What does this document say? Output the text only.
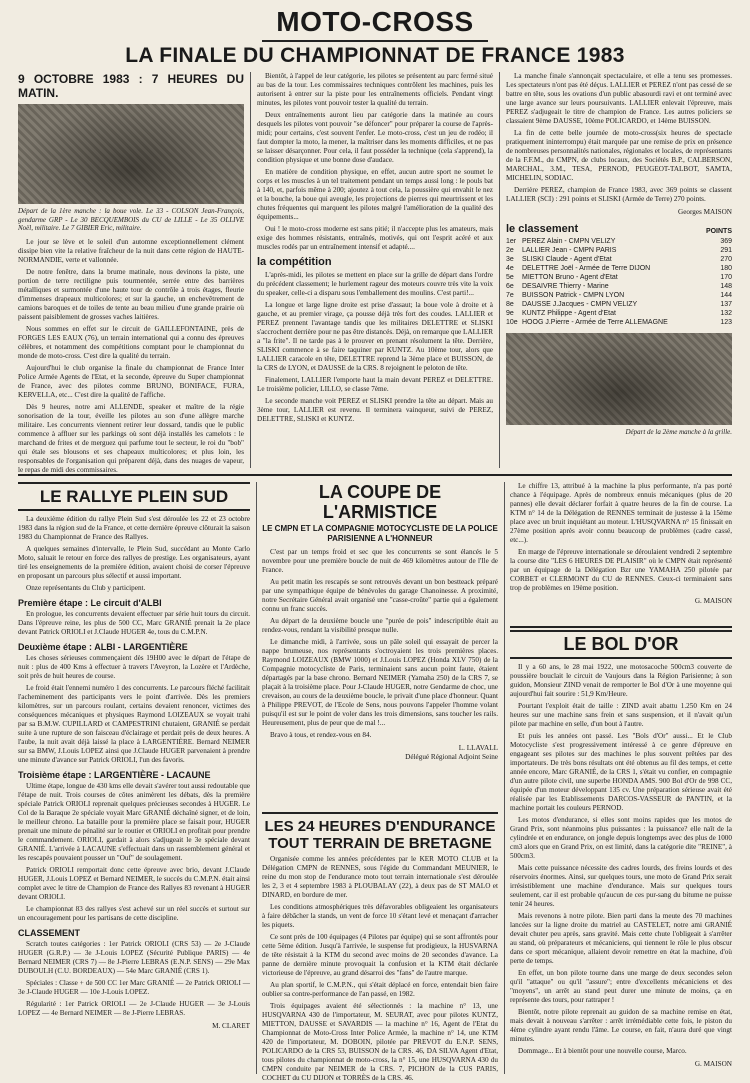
MOTO-CROSS
LA FINALE DU CHAMPIONNAT DE FRANCE 1983
9 OCTOBRE 1983 : 7 HEURES DU MATIN.
Départ de la 1ère manche : la boue vole. Le 33 - COLSON Jean-François, gendarme GRP - Le 30 BECQUEMBOIS du CU de LILLE - Le 35 OLLIVE Noël, militaire. Le 7 GIBIER Eric, militaire.

Le jour se lève et le soleil d'un automne exceptionnellement clément dissipe bien vite la relative fraîcheur de la nuit dans cette région de HAUTE-NORMANDIE, verte et vallonnée.

De notre fenêtre, dans la brume matinale, nous devinons la piste, une portion de terre rectiligne puis tourmentée, serrée entre des barrières métalliques et surmontée d'une haute tour de contrôle à trois étages, fleurie d'immenses drapeaux multicolores; et sur la gauche, un enchevêtrement de camions baroques et de toiles de tente au beau milieu d'une grande prairie où paissent paisiblement de grosses vaches laitières.

Nous sommes en effet sur le circuit de GAILLEFONTAINE, près de FORGES LES EAUX (76), un terrain international qui a connu des épreuves célèbres, et notamment des compétitions comptant pour le championnat du monde de moto-cross. C'est dire la qualité du terrain.

Aujourd'hui le club organise la finale du championnat de France Inter Police Armée Agents de l'Etat, et la seconde, épreuve du Super championnat de France, avec des pilotes comme BRUNO, BONIFACE, FURA, KERVELLA, etc... C'est dire la qualité de l'affiche.

Dès 9 heures, notre ami ALLENDE, speaker et maître de la régie sonorisation de la tour, éveille les pilotes au son d'une allègre marche militaire. Les concurrents viennent retirer leur dossard, tandis que le public commence à affluer sur les parkings où sont déjà installés les camelots : le marchand de frites et de merguez qui parfume tout le secteur, le roi du "bob" qui étale ses blousons et ses chapeaux multicolores; et plus loin, les responsables de l'organisation qui préparent déjà, dans des nuages de vapeur, le repas de midi des commissaires.

Bientôt, à l'appel de leur catégorie, les pilotes se présentent au parc fermé situé au bas de la tour. Les commissaires techniques contrôlent les machines, puis les autorisent à entrer sur la piste pour les entraînements officiels. Pendant vingt minutes, les pilotes vont pouvoir tester la qualité du terrain.

Deux entraînements auront lieu par catégorie dans la matinée au cours desquels les pilotes vont pouvoir "se défoncer" pour préparer la course de l'après-midi; pour certains, c'est souvent l'enfer. Le moto-cross, c'est un jeu de rodéo; il faut dompter la moto, la mener, la maîtriser dans les moments difficiles, et ne pas se laisser désarçonner. Pour cela, il faut posséder la technique (cela s'apprend), la condition physique et une bonne dose d'audace.

En matière de condition physique, en effet, aucun autre sport ne soumet le corps et les muscles à un tel traitement pendant un temps aussi long : le pouls bat à 140, et, parfois même à 200; ajoutez à tout cela, la poussière qui envahit le nez et la bouche, la boue qui aveugle, les projections de pierres qui meurtrissent et les chutes fréquentes qui marquent les pilotes malgré l'amélioration de la qualité des équipements...

Oui ! le moto-cross moderne est sans pitié; il n'accepte plus les amateurs, mais exige des hommes résistants, entraînés, motivés, qui ont l'esprit acéré et aux muscles rodés par un entraînement intensif et adapté....

la compétition

L'après-midi, les pilotes se mettent en place sur la grille de départ dans l'ordre du précédent classement; le hurlement rageur des moteurs couvre très vite la voix du speaker, celle-ci a disparu sous l'emballement des moulins. C'est parti!...

La longue et large ligne droite est prise d'assaut; la boue vole à droite et à gauche, et au premier virage, ça pousse déjà très fort des coudes. LALLIER et PEREZ prennent l'avantage tandis que les militaires DELETTRE et SLISKI s'accrochent derrière pour ne pas être distancés. Déjà, on remarque que LALLIER a "la frite". Il ne tarde pas à le prouver en prenant résolument la tête. Derrière, SLISKI commence à se faire taquiner par KUNTZ. Au 10ème tour, alors que LALLIER caracole en tête, DELETTRE reprend la 3ème place et BUISSON, de la CRS de LYON, et DAUSSE de la CRS. 8 rejoignent le peloton de tête.

Finalement, LALLIER l'emporte haut la main devant PEREZ et DELETTRE. Le troisième policier, LILLO, se classe 7ème.

Le seconde manche voit PEREZ et SLISKI prendre la tête au départ. Mais au 3ème tour, LALLIER est revenu. Il terminera vainqueur, suivi de PEREZ, DELETTRE, SLISKI et KUNTZ.

La manche finale s'annonçait spectaculaire, et elle a tenu ses promesses. Les spectateurs n'ont pas été déçus. LALLIER et PEREZ n'ont pas cessé de se battre en tête, sous les ovations d'un public abasourdi ravi et ont terminé avec une large avance sur leurs poursuivants. LALLIER enlevait l'épreuve, mais PEREZ s'adjugeait le titre de champion de France. Les autres policiers se classaient 9ème DAUSSE, 10ème POLICARDO, et 14ème BUISSON.

La fin de cette belle journée de moto-cross(six heures de spectacle pratiquement ininterrompu) était marquée par une remise de prix en présence de nombreuses personnalités nationales, régionales et locales, de représentants de la F.F.M., du CMPN, de clubs locaux, des Sociétés B.P., CALBERSON, MARCHAL, 3.M., TESA, PERNOD, PEUGEOT-TALBOT, SAMTA, MICHELIN, SODIAC.

Derrière PEREZ, champion de France 1983, avec 369 points se classent LALLIER (SCI) : 291 points et SLISKI (Armée de Terre) 270 points.

Georges MAISON
le classement	POINTS
1er PEREZ Alain - CMPN VELIZY	369
2e	LALLIER Jean - CMPN PARIS	291
3e	SLISKI Claude - Agent d'Etat	270
4e	DELETTRE Joël - Armée de Terre DIJON	180
5e	MIETTON Bruno - Agent d'Etat	170
6e	DESAIVRE Thierry - Marine	148
7e	BUISSON Patrick - CMPN LYON	144
8e	DAUSSE J.Jacques - CMPN VELIZY	137
9e	KUNTZ Philippe - Agent d'Etat	132
10e HOOG J.Pierre - Armée de Terre ALLEMAGNE	123
Départ de la 2ème manche à la grille.
LE RALLYE PLEIN SUD

La deuxième édition du rallye Plein Sud s'est déroulée les 22 et 23 octobre 1983 dans la région sud de la France, et cette dernière épreuve clôturait la saison 1983 du Championnat de France des Rallyes.

A quelques semaines d'intervalle, le Plein Sud, succédant au Monte Carlo Moto, saluait le retour en force des rallyes de prestige. Les organisateurs, ayant tiré les enseignements de la première édition, avaient choisi de corser l'épreuve en proposant un parcours plus sélectif et aussi important.

Onze représentants du Club y participent.

Première étape : Le circuit d'ALBI

En prologue, les concurrents devaient effectuer par série huit tours du circuit. Dans l'épreuve reine, les plus de 500 CC, Marc GRANIÉ prenait la 2e place devant Patrick ORIOLI et J.Claude HUGER 4e, tous du C.M.P.N.

Deuxième étape : ALBI - LARGENTIÈRE

Les choses sérieuses commençaient dès 19H00 avec le départ de l'étape de nuit : plus de 400 Kms à effectuer à travers l'Aveyron, la Lozère et l'Ardèche, soit près de huit heures de course.

Le froid était l'ennemi numéro 1 des concurrents. Le parcours fléché facilitait l'acheminement des participants vers le point d'arrivée. Dès les premiers kilomètres, sur un parcours roulant, certains devaient renoncer, victimes des conséquences mécaniques et physiques Raymond LOIZEAUX se voyait trahi par sa B.M.W. CUPILLARD et CAMPESTRINI chutaient, GRANIÉ se perdait suite à une rupture de son faisceau d'éclairage et perdait près de deux heures. A l'aube, la nuit avait déjà laissé la place à LARGENTIÈRE. Bernard NEIMER sur sa BMW, J.Louis LOPEZ ainsi que J.Claude HUGER parvenaient à prendre une minute d'avance sur Patrick ORIOLI, l'un des favoris.

Troisième étape : LARGENTIÈRE - LACAUNE

Ultime étape, longue de 430 kms elle devait s'avérer tout aussi redoutable que l'étape de nuit. Trois courses de côtes animèrent les débats, dès la première spéciale Patrick ORIOLI reprenait quelques précieuses secondes à HUGER. Le Col de la Baraque 2e spéciale voyait Marc GRANIÉ déchaîné signer, et de loin, le meilleur chrono. La bataille pour la première place se faisait pour, HUGER prenait une minute de pénalité sur le routier et ORIOLI en profitait pour prendre le commandement. ORIOLI, gardait à alors s'adjugeait le 3e spéciale devant GRANIÉ. L'arrivée à LACAUNE s'effectuait dans un rassemblement général et les rescapés pouvaient pousser un "Ouf" de soulagement.

Patrick ORIOLI remportait donc cette épreuve avec brio, devant J.Claude HUGER, J.Louis LOPEZ et Bernard NEIMER, le succès du C.M.P.N. était ainsi complet avec le titre de Champion de France des Rallyes 83 revenant à HUGER devant ORIOLI.

Le championnat 83 des rallyes s'est achevé sur un réel succès et surtout sur un encouragement pour les partisans de cette discipline.

CLASSEMENT

Scratch toutes catégories : 1er Patrick ORIOLI (CRS 53) — 2e J-Claude HUGER (G.R.P.) — 3e J-Louis LOPEZ (Sécurité Publique PARIS) — 4e Bernard NEIMER (CRS 7) — 8e J-Pierre LEBRAS (E.N.P. SENS) — 29e Max DUBOULH (C.U. BORDEAUX) — 54e Marc GRANIÉ (CRS 1).

Spéciales : Classe + de 500 CC 1er Marc GRANIÉ — 2e Patrick ORIOLI — 3e J-Claude HUGER — 10e J-Louis LOPEZ.

Régularité : 1er Patrick ORIOLI — 2e J-Claude HUGER — 3e J-Louis LOPEZ — 4e Bernard NEIMER — 8e J-Pierre LEBRAS.

M. CLARET
LA COUPE DE L'ARMISTICE
LE CMPN ET LA COMPAGNIE MOTOCYCLISTE DE LA POLICE PARISIENNE A L'HONNEUR

C'est par un temps froid et sec que les concurrents se sont élancés le 5 novembre pour une première boucle de nuit de 469 kilomètres autour de l'Ile de France.

Au petit matin les rescapés se sont retrouvés devant un bon bestteack préparé par une sympathique équipe de bénévoles du garage Chanoinesse. A proximité, notre Secrétaire Général avait organisé une "casse-croûte" partie qui a également connu un franc succès.

Au départ de la deuxième boucle une "purée de pois" indescriptible était au rendez-vous, rendant la visibilité presque nulle.

Le dimanche midi, à l'arrivée, sous un pâle soleil qui essayait de percer la nappe brumeuse, nos représentants s'octroyaient les trois premières places. Raymond LOIZEAUX (BMW 1000) et J.Louis LOPEZ (Honda XLV 750) de la Compagnie motocycliste de Paris, terminaient sans aucun point faute, étaient départagés par la base chrono. Bernard NEIMER (Yamaha 250) de la CRS 7, se plaçait à la troisième place. Pour J-Claude HUGER, notre Gendarme de choc, une crevaison, au cours de la deuxième boucle, le privait d'une place d'honneur. Quant à Philippe PREVOT, de l'Ecole de Sens, nous pouvons l'appeler l'homme volant puisqu'il est sur le point de voler dans les trois dimensions, sans toucher les rails. Heureusement, plus de peur que de mal !...

Bravo à tous, et rendez-vous en 84.

L. LLAVALL
Délégué Régional Adjoint Seine
LES 24 HEURES D'ENDURANCE TOUT TERRAIN DE BRETAGNE

Organisée comme les années précédentes par le KER MOTO CLUB et la Délégation CMPN de RENNES, sous l'égide du Commandant MEUNIER, le reine du mon stop de l'endurance moto tout terrain internationale s'est déroulée les 2, 3 et 4 septembre 1983 à PLOUBALAY (22), à deux pas de ST MALO et DINARD, en bordure de mer.

Les conditions atmosphériques très défavorables obligeaient les organisateurs à faire débâcher la stands, un vent de force 10 s'étant levé et menaçant d'arracher les piquets.

Ce sont près de 100 équipages (4 Pilotes par équipe) qui se sont affrontés pour cette 5ème édition. Jusqu'à l'arrivée, le suspense fut prodigieux, la HUSVARNA de tête résistait à la KTM du second avec moins de 20 secondes d'avance. La panne de dernière minute provoquait la confusion et la KTM était déclarée victorieuse de l'épreuve, au grand désarroi des "fans" de l'autre marque.

Au plan sportif, le C.M.P.N., qui s'était déplacé en force, entendait bien faire oublier sa contre-performance de l'an passé, en 1982.

Trois équipages avaient été sélectionnés : la machine n° 13, une HUSQVARNA 430 de l'importateur, M. SEURAT, avec pour pilotes KUNTZ, MIETTON, DAUSSE et SAVARDIS — la machine n° 16, Agent de l'Etat du Championnat de Moto-Cross Inter Police Armée, la machine n° 14, une KTM 420 de l'importateur, M. DOBOIN, pilotée par PREVOT du E.N.P. SENS, POLICARDO de la CRS 53, BUISSON de la CRS. 46, DA SILVA Agent d'Etat, tous pilotes du championnat de moto-cross, la n° 15, une HUSQVARNA 430 du CMPN conduite par NEIMER de la CRS. 7, PICHON de la CUS PARIS, COCHET du CU DIJON et TORRÈS de la CRS. 46.

Le chiffre 13, attribué à la machine la plus performante, n'a pas porté chance à l'équipage. Après de nombreux ennuis mécaniques (plus de 20 pannes) elle devait déclarer forfait à quatre heures de la fin de course. La KTM n° 14 de la Délégation de RENNES terminait de justesse à la 15ème place avec un bruit inquiétant au moteur. L'HUSQVARNA n° 15 finissait en 27ème position après avoir connu beaucoup de problèmes (cadre cassé, etc...).

En marge de l'épreuve internationale se déroulaient vendredi 2 septembre la course dite "LES 6 HEURES DE PLAISIR" où le CMPN était représenté par un équipage de la Délégation Bzr une YAMAHA 250 pilotée par CORBET et CLERMONT du CU de RENNES. Ceux-ci terminaient sans trop de problèmes en 19ème position.

G. MAISON
LE BOL D'OR

Il y a 60 ans, le 28 mai 1922, une motosacoche 500cm3 couverte de poussière bouclait le circuit de Vaujours dans la Région Parisienne; à son guidon, Monsieur ZIND venait de remporter le Bol d'Or à une moyenne qui aujourd'hui fait sourire : 51,9 Km/Heure.

Pourtant l'exploit était de taille : ZIND avait abattu 1.250 Km en 24 heures sur une machine sans frein et sans suspension, et il n'avait qu'un pilote par machine en selle, d'un bout à l'autre.

Et puis les années ont passé. Les "Bols d'Or" aussi... Et le Club Motocycliste s'est progressivement intéressé à ce genre d'épreuve en engageant ses pilotes sur des machines le plus souvent prêtées par des importateurs. De très bons résultats ont été obtenus au fil des temps, et cette année encore, Marc GRANIÉ, de la CRS 1, s'était vu confier, en compagnie d'un autre pilote civil, une superbe HONDA AMS. 900 Bol d'Or de 998 CC, équipée d'un moteur développant 135 cv. Une préparation sérieuse avait été réalisée par les Etablissements DARCOS-VASSEUR de PANTIN, et la machine portait les couleurs PERNOD.

Les motos d'endurance, si elles sont moins rapides que les motos de Grand Prix, sont néanmoins plus puissantes : la puissance? elle naît de la cylindrée et en endurance, on jongle depuis longtemps avec des plus de 1000 cm3 alors que en Grand Prix, on est limité, dans la catégorie dite "REINE", à 500cm3.

Mais cette puissance nécessite des cadres lourds, des freins lourds et des réservoirs énormes. Ainsi, sur quelques tours, une moto de Grand Prix serait irrésistiblement une machine d'endurance. Mais sur quelques tours seulement, car il est probable qu'aucun de ces pur-sang du bitume ne puisse tenir 24 heures.

Mais revenons à notre pilote. Bien parti dans la meute des 70 machines lancées sur la ligne droite du matriel au CASTELET, notre ami GRANIÉ devait chuter peu après, sans gravité. Mais cette chute l'obligeait à s'arrêter au stand, où préparateurs et mécaniciens, qui tiennent le rôle le plus obscur dans ce sport mécanique, allaient devoir remettre en état la machine, d'où perte de temps.

En effet, un bon pilote tourne dans une marge de deux secondes selon qu'il "attaque" ou qu'il "assure"; entre d'excellents mécaniciens et des "moyens", un arrêt au stand peut durer une minute de moins, ça en représente des tours, pour rattraper !

Bientôt, notre pilote reprenait au guidon de sa machine remise en état, mais devait à nouveau s'arrêter : arrêt irrémédiable cette fois, le piston du 4ème cylindre ayant rendu l'âme. Le course, en fait, n'aura duré que vingt minutes.

Dommage... Et à bientôt pour une nouvelle course, Marco.

G. MAISON
